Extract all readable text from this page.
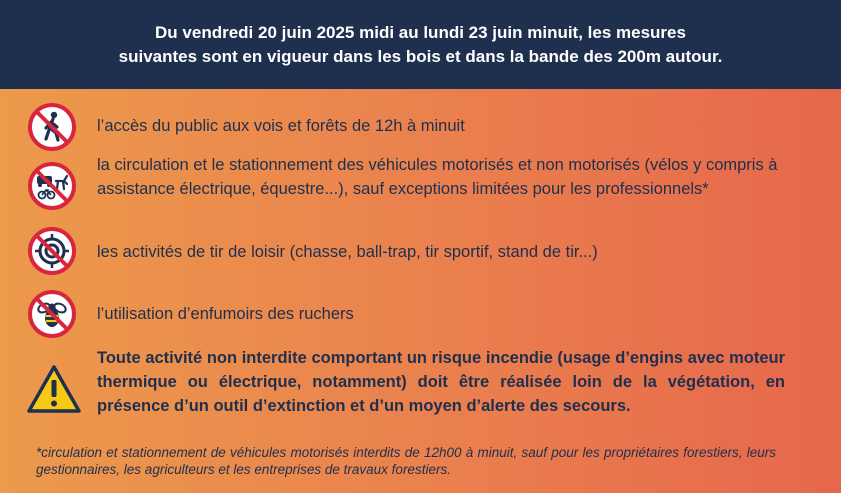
Du vendredi 20 juin 2025 midi au lundi 23 juin minuit, les mesures
suivantes sont en vigueur dans les bois et dans la bande des 200m autour.
l’accès du public aux vois et forêts de 12h à minuit
la circulation et le stationnement des véhicules motorisés et non motorisés (vélos y compris à assistance électrique, équestre...), sauf exceptions limitées pour les professionnels*
les activités de tir de loisir (chasse, ball-trap, tir sportif, stand de tir...)
l’utilisation d’enfumoirs des ruchers
Toute activité non interdite comportant un risque incendie (usage d’engins avec moteur thermique ou électrique, notamment) doit être réalisée loin de la végétation, en présence d’un outil d’extinction et d’un moyen d’alerte des secours.
*circulation et stationnement de véhicules motorisés interdits de 12h00 à minuit, sauf pour les propriétaires forestiers, leurs gestionnaires, les agriculteurs et les entreprises de travaux forestiers.
